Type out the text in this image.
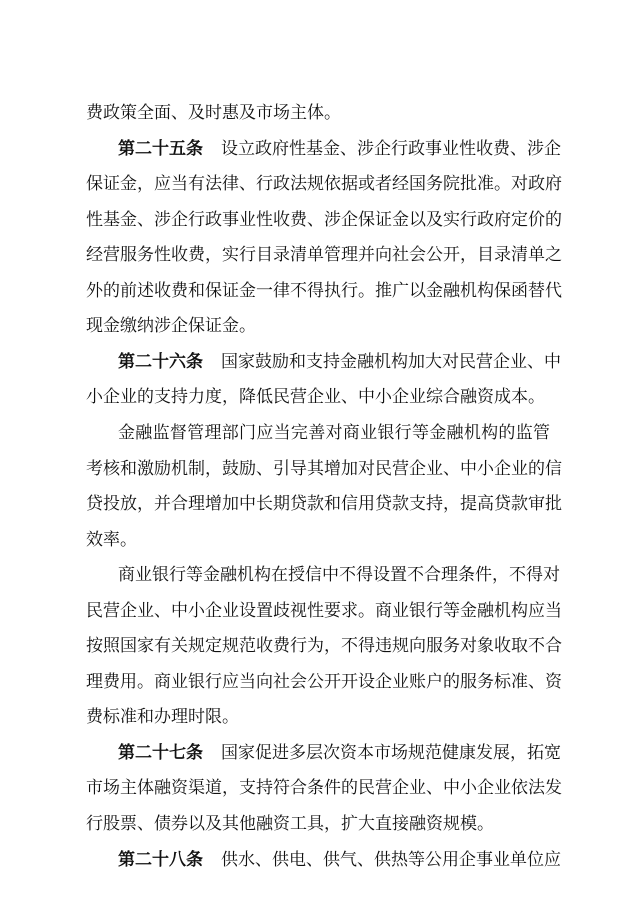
费政策全面、及时惠及市场主体。
第二十五条 设立政府性基金、涉企行政事业性收费、涉企
保证金，应当有法律、行政法规依据或者经国务院批准。对政府
性基金、涉企行政事业性收费、涉企保证金以及实行政府定价的
经营服务性收费，实行目录清单管理并向社会公开，目录清单之
外的前述收费和保证金一律不得执行。推广以金融机构保函替代
现金缴纳涉企保证金。
第二十六条 国家鼓励和支持金融机构加大对民营企业、中
小企业的支持力度，降低民营企业、中小企业综合融资成本。
金融监督管理部门应当完善对商业银行等金融机构的监管
考核和激励机制，鼓励、引导其增加对民营企业、中小企业的信
贷投放，并合理增加中长期贷款和信用贷款支持，提高贷款审批
效率。
商业银行等金融机构在授信中不得设置不合理条件，不得对
民营企业、中小企业设置歧视性要求。商业银行等金融机构应当
按照国家有关规定规范收费行为，不得违规向服务对象收取不合
理费用。商业银行应当向社会公开开设企业账户的服务标准、资
费标准和办理时限。
第二十七条 国家促进多层次资本市场规范健康发展，拓宽
市场主体融资渠道，支持符合条件的民营企业、中小企业依法发
行股票、债券以及其他融资工具，扩大直接融资规模。
第二十八条 供水、供电、供气、供热等公用企事业单位应
